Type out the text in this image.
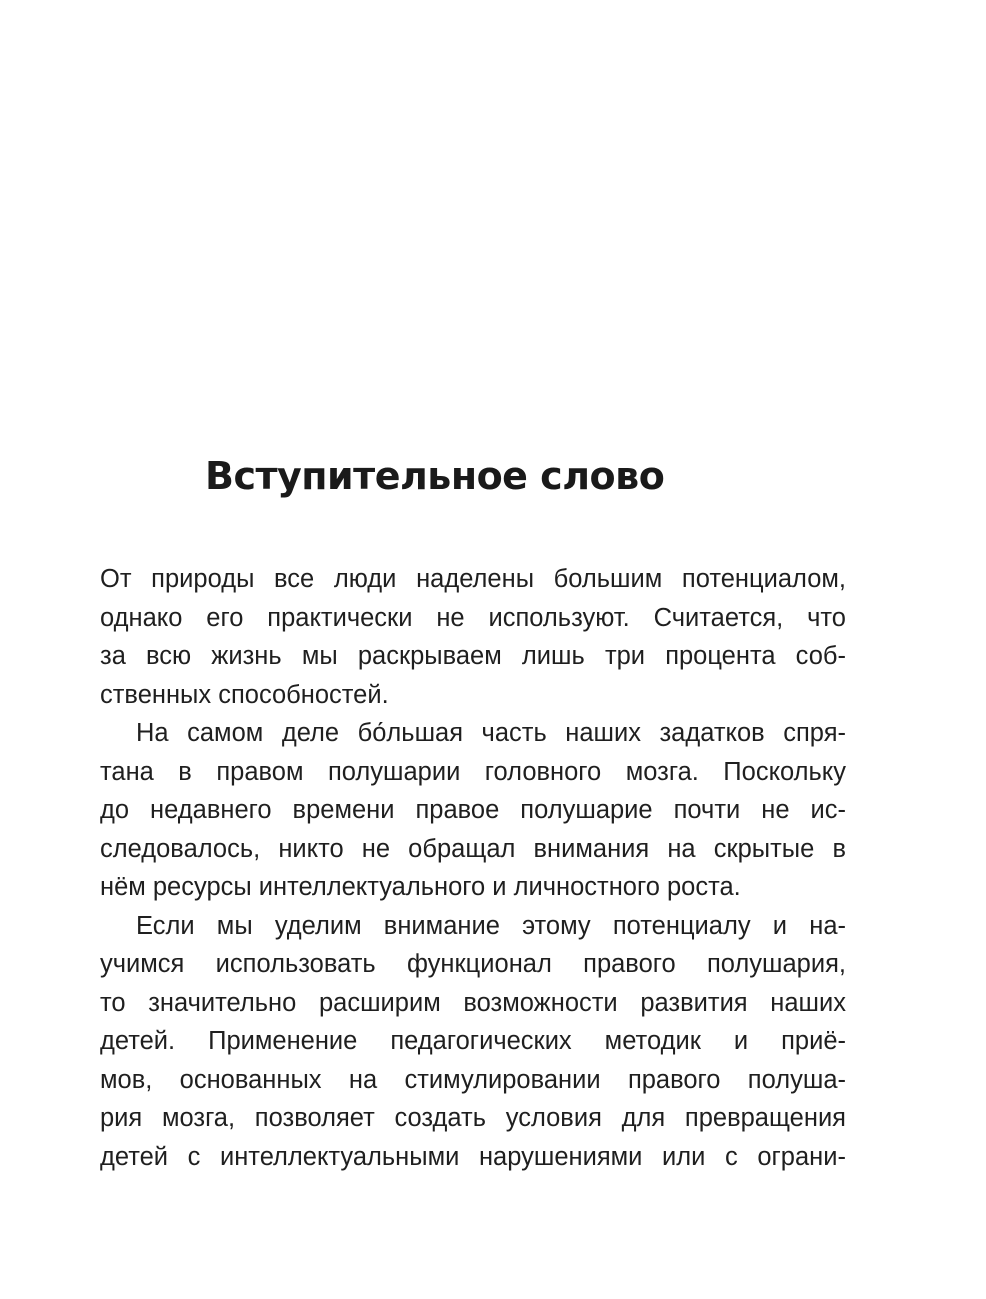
Вступительное слово
От природы все люди наделены большим потенциалом,
однако его практически не используют. Считается, что
за всю жизнь мы раскрываем лишь три процента соб-
ственных способностей.
На самом деле бо́льшая часть наших задатков спря-
тана в правом полушарии головного мозга. Поскольку
до недавнего времени правое полушарие почти не ис-
следовалось, никто не обращал внимания на скрытые в
нём ресурсы интеллектуального и личностного роста.
Если мы уделим внимание этому потенциалу и на-
учимся использовать функционал правого полушария,
то значительно расширим возможности развития наших
детей. Применение педагогических методик и приё-
мов, основанных на стимулировании правого полуша-
рия мозга, позволяет создать условия для превращения
детей с интеллектуальными нарушениями или с ограни-
